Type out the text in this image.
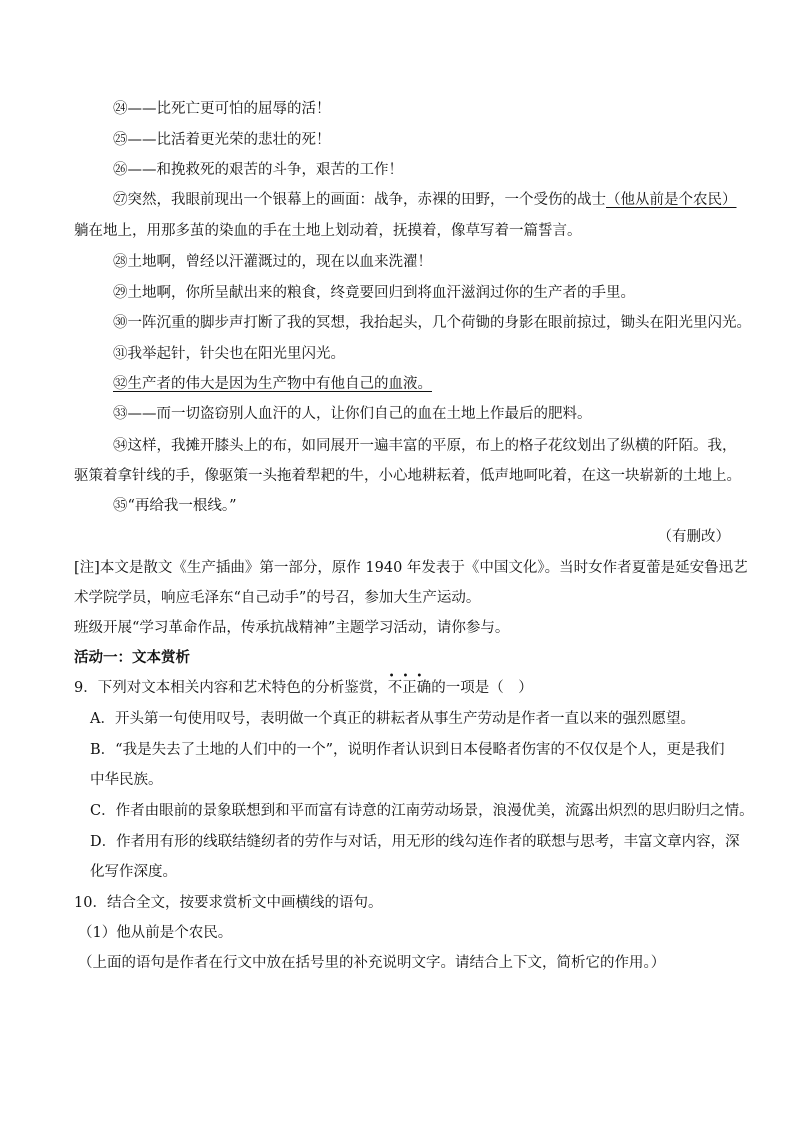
㉔——比死亡更可怕的屈辱的活！
㉕——比活着更光荣的悲壮的死！
㉖——和挽救死的艰苦的斗争，艰苦的工作！
㉗突然，我眼前现出一个银幕上的画面：战争，赤裸的田野，一个受伤的战士（他从前是个农民）
躺在地上，用那多茧的染血的手在土地上划动着，抚摸着，像草写着一篇誓言。
㉘土地啊，曾经以汗灌溉过的，现在以血来洗濯！
㉙土地啊，你所呈献出来的粮食，终竟要回归到将血汗滋润过你的生产者的手里。
㉚一阵沉重的脚步声打断了我的冥想，我抬起头，几个荷锄的身影在眼前掠过，锄头在阳光里闪光。
㉛我举起针，针尖也在阳光里闪光。
㉜生产者的伟大是因为生产物中有他自己的血液。
㉝——而一切盗窃别人血汗的人，让你们自己的血在土地上作最后的肥料。
㉞这样，我摊开膝头上的布，如同展开一遍丰富的平原，布上的格子花纹划出了纵横的阡陌。我，
驱策着拿针线的手，像驱策一头拖着犁耙的牛，小心地耕耘着，低声地呵叱着，在这一块崭新的土地上。
㉟“再给我一根线。”
（有删改）
[注]本文是散文《生产插曲》第一部分，原作 1940 年发表于《中国文化》。当时女作者夏蕾是延安鲁迅艺
术学院学员，响应毛泽东“自己动手”的号召，参加大生产运动。
班级开展“学习革命作品，传承抗战精神”主题学习活动，请你参与。
活动一：文本赏析
9．下列对文本相关内容和艺术特色的分析鉴赏，
•••
不正确的一项是（　）
A．开头第一句使用叹号，表明做一个真正的耕耘者从事生产劳动是作者一直以来的强烈愿望。
B．“我是失去了土地的人们中的一个”，说明作者认识到日本侵略者伤害的不仅仅是个人，更是我们
中华民族。
C．作者由眼前的景象联想到和平而富有诗意的江南劳动场景，浪漫优美，流露出炽烈的思归盼归之情。
D．作者用有形的线联结缝纫者的劳作与对话，用无形的线勾连作者的联想与思考，丰富文章内容，深
化写作深度。
10．结合全文，按要求赏析文中画横线的语句。
（1）他从前是个农民。
（上面的语句是作者在行文中放在括号里的补充说明文字。请结合上下文，简析它的作用。）
